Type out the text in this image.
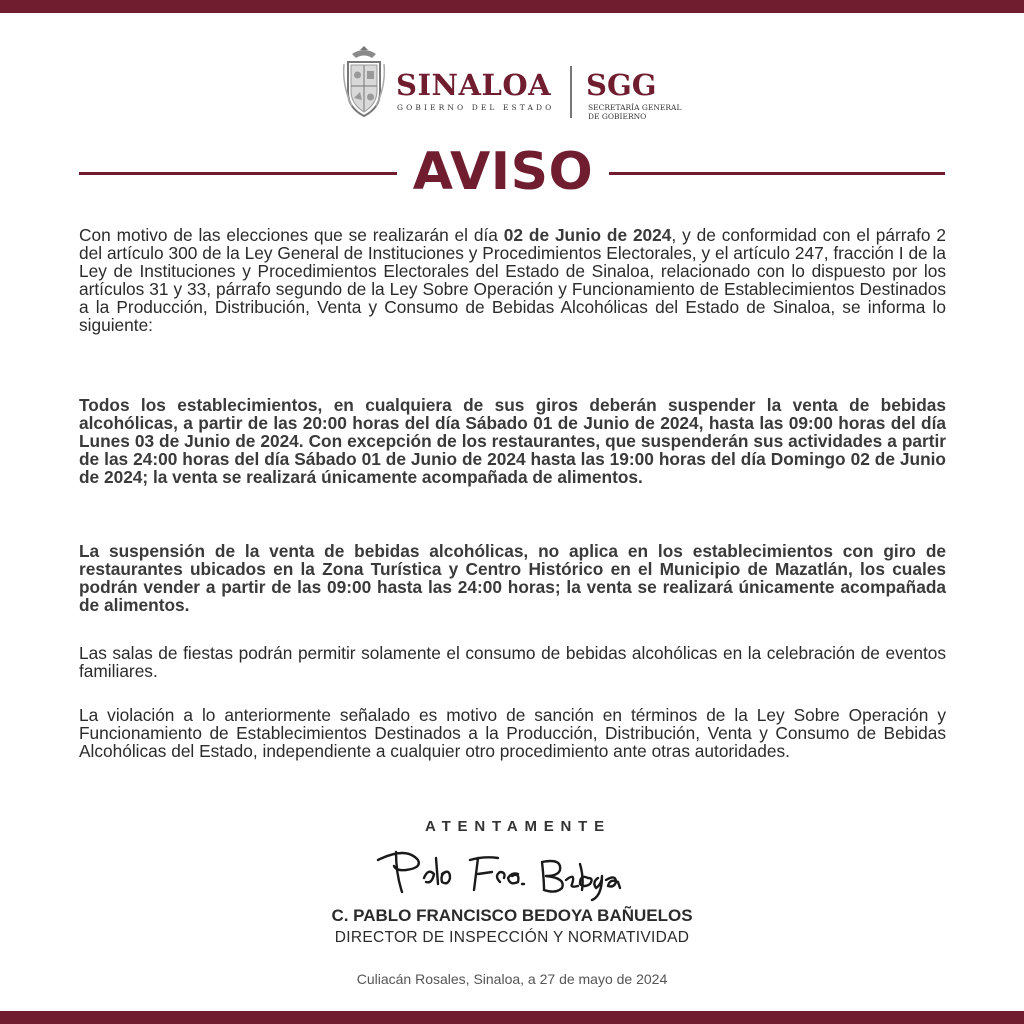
SINALOA
GOBIERNO DEL ESTADO
SGG
SECRETARÍA GENERAL
DE GOBIERNO
AVISO
Con motivo de las elecciones que se realizarán el día 02 de Junio de 2024, y de conformidad con el párrafo 2 del artículo 300 de la Ley General de Instituciones y Procedimientos Electorales, y el artículo 247, fracción I de la Ley de Instituciones y Procedimientos Electorales del Estado de Sinaloa, relacionado con lo dispuesto por los artículos 31 y 33, párrafo segundo de la Ley Sobre Operación y Funcionamiento de Establecimientos Destinados a la Producción, Distribución, Venta y Consumo de Bebidas Alcohólicas del Estado de Sinaloa, se informa lo siguiente:
Todos los establecimientos, en cualquiera de sus giros deberán suspender la venta de bebidas alcohólicas, a partir de las 20:00 horas del día Sábado 01 de Junio de 2024, hasta las 09:00 horas del día Lunes 03 de Junio de 2024. Con excepción de los restaurantes, que suspenderán sus actividades a partir de las 24:00 horas del día Sábado 01 de Junio de 2024 hasta las 19:00 horas del día Domingo 02 de Junio de 2024; la venta se realizará únicamente acompañada de alimentos.
La suspensión de la venta de bebidas alcohólicas, no aplica en los establecimientos con giro de restaurantes ubicados en la Zona Turística y Centro Histórico en el Municipio de Mazatlán, los cuales podrán vender a partir de las 09:00 hasta las 24:00 horas; la venta se realizará únicamente acompañada de alimentos.
Las salas de fiestas podrán permitir solamente el consumo de bebidas alcohólicas en la celebración de eventos familiares.
La violación a lo anteriormente señalado es motivo de sanción en términos de la Ley Sobre Operación y Funcionamiento de Establecimientos Destinados a la Producción, Distribución, Venta y Consumo de Bebidas Alcohólicas del Estado, independiente a cualquier otro procedimiento ante otras autoridades.
ATENTAMENTE
C. PABLO FRANCISCO BEDOYA BAÑUELOS
DIRECTOR DE INSPECCIÓN Y NORMATIVIDAD
Culiacán Rosales, Sinaloa, a 27 de mayo de 2024
